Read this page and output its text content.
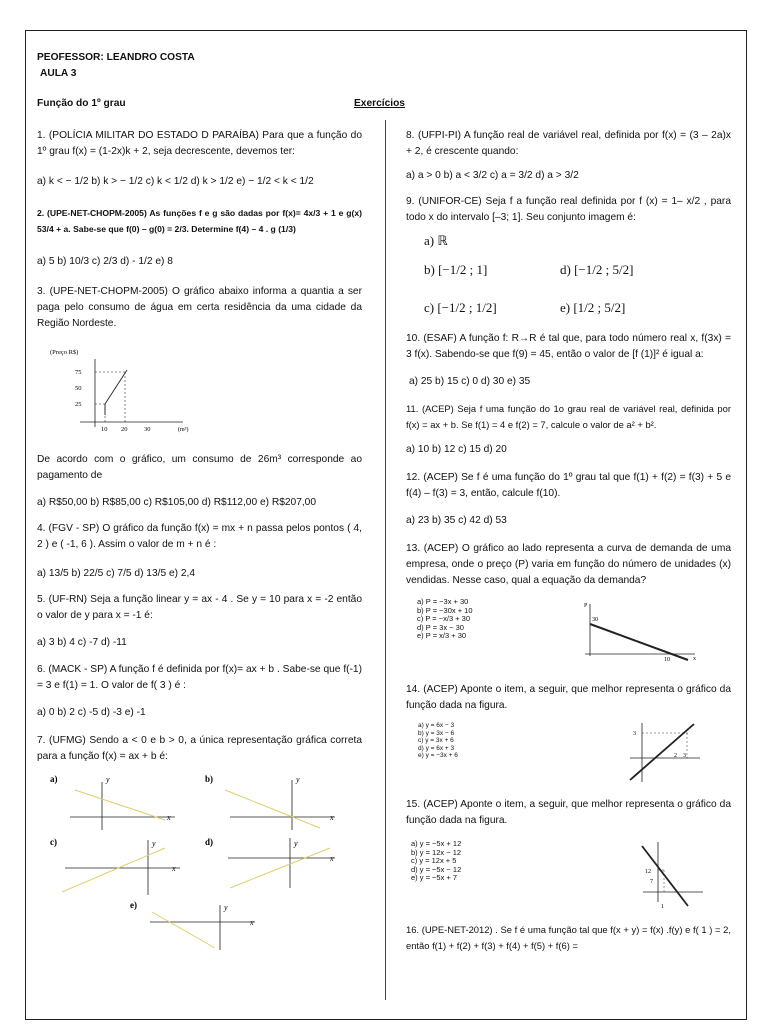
PEOFESSOR: LEANDRO COSTA
AULA 3
Função do 1º grau	Exercícios
1. (POLÍCIA MILITAR DO ESTADO D PARAÍBA) Para que a função do 1º grau f(x) = (1-2x)k + 2, seja decrescente, devemos ter:
a) k < − 1/2 b) k > − 1/2 c) k < 1/2 d) k > 1/2 e) − 1/2 < k < 1/2
2. (UPE-NET-CHOPM-2005) As funções f e g são dadas por f(x)= 4x/3 + 1 e g(x) 53/4 + a. Sabe-se que f(0) – g(0) = 2/3. Determine f(4) – 4 . g (1/3)
a) 5 b) 10/3 c) 2/3 d) - 1/2 e) 8
3. (UPE-NET-CHOPM-2005) O gráfico abaixo informa a quantia a ser paga pelo consumo de água em certa residência da uma cidade da Região Nordeste.
(Preço R$)
75
50
25
10 20	30	(m³)
De acordo com o gráfico, um consumo de 26m³ corresponde ao pagamento de
a) R$50,00 b) R$85,00 c) R$105,00 d) R$112,00 e) R$207,00
4. (FGV - SP) O gráfico da função f(x) = mx + n passa pelos pontos ( 4, 2 ) e ( -1, 6 ). Assim o valor de m + n é :
a) 13/5 b) 22/5 c) 7/5 d) 13/5 e) 2,4
5. (UF-RN) Seja a função linear y = ax - 4 . Se y = 10 para x = -2 então o valor de y para x = -1 é:
a) 3 b) 4 c) -7 d) -11
6. (MACK - SP) A função f é definida por f(x)= ax + b . Sabe-se que f(-1) = 3 e f(1) = 1. O valor de f( 3 ) é :
a) 0 b) 2 c) -5 d) -3 e) -1
7. (UFMG) Sendo a < 0 e b > 0, a única representação gráfica correta para a função f(x) = ax + b é:
a)	y
x
b)	y
x
c)	y
x
d)	y
x
e)	y
x
8. (UFPI-PI) A função real de variável real, definida por f(x) = (3 – 2a)x + 2, é crescente quando:
a) a > 0 b) a < 3/2 c) a = 3/2 d) a > 3/2
9. (UNIFOR-CE) Seja f a função real definida por f (x) = 1– x/2 , para todo x do intervalo [–3; 1]. Seu conjunto imagem é:
a) ℝ
b) [−1/2 ; 1]	d) [−1/2 ; 5/2]
c) [−1/2 ; 1/2]	e) [1/2 ; 5/2]
10. (ESAF) A função f: R→R é tal que, para todo número real x, f(3x) = 3 f(x). Sabendo-se que f(9) = 45, então o valor de [f (1)]² é igual a:
a) 25 b) 15 c) 0 d) 30 e) 35
11. (ACEP) Seja f uma função do 1o grau real de variável real, definida por f(x) = ax + b. Se f(1) = 4 e f(2) = 7, calcule o valor de a² + b².
a) 10 b) 12 c) 15 d) 20
12. (ACEP) Se f é uma função do 1º grau tal que f(1) + f(2) = f(3) + 5 e f(4) – f(3) = 3, então, calcule f(10).
a) 23 b) 35 c) 42 d) 53
13. (ACEP) O gráfico ao lado representa a curva de demanda de uma empresa, onde o preço (P) varia em função do número de unidades (x) vendidas. Nesse caso, qual a equação da demanda?
a) P = −3x + 30
b) P = −30x + 10
c) P = −x/3 + 30
d) P = 3x − 30
e) P = x/3 + 30
P
x
30
10
14. (ACEP) Aponte o item, a seguir, que melhor representa o gráfico da função dada na figura.
a) y = 6x − 3
b) y = 3x − 6
c) y = 3x + 6
d) y = 6x + 3
e) y = −3x + 6
3
2 3
15. (ACEP) Aponte o item, a seguir, que melhor representa o gráfico da função dada na figura.
a) y = −5x + 12
b) y = 12x − 12
c) y = 12x + 5
d) y = −5x − 12
e) y = −5x + 7
12
7
1
16. (UPE-NET-2012) . Se f é uma função tal que f(x + y) = f(x) .f(y) e f( 1 ) = 2, então f(1) + f(2) + f(3) + f(4) + f(5) + f(6) =
